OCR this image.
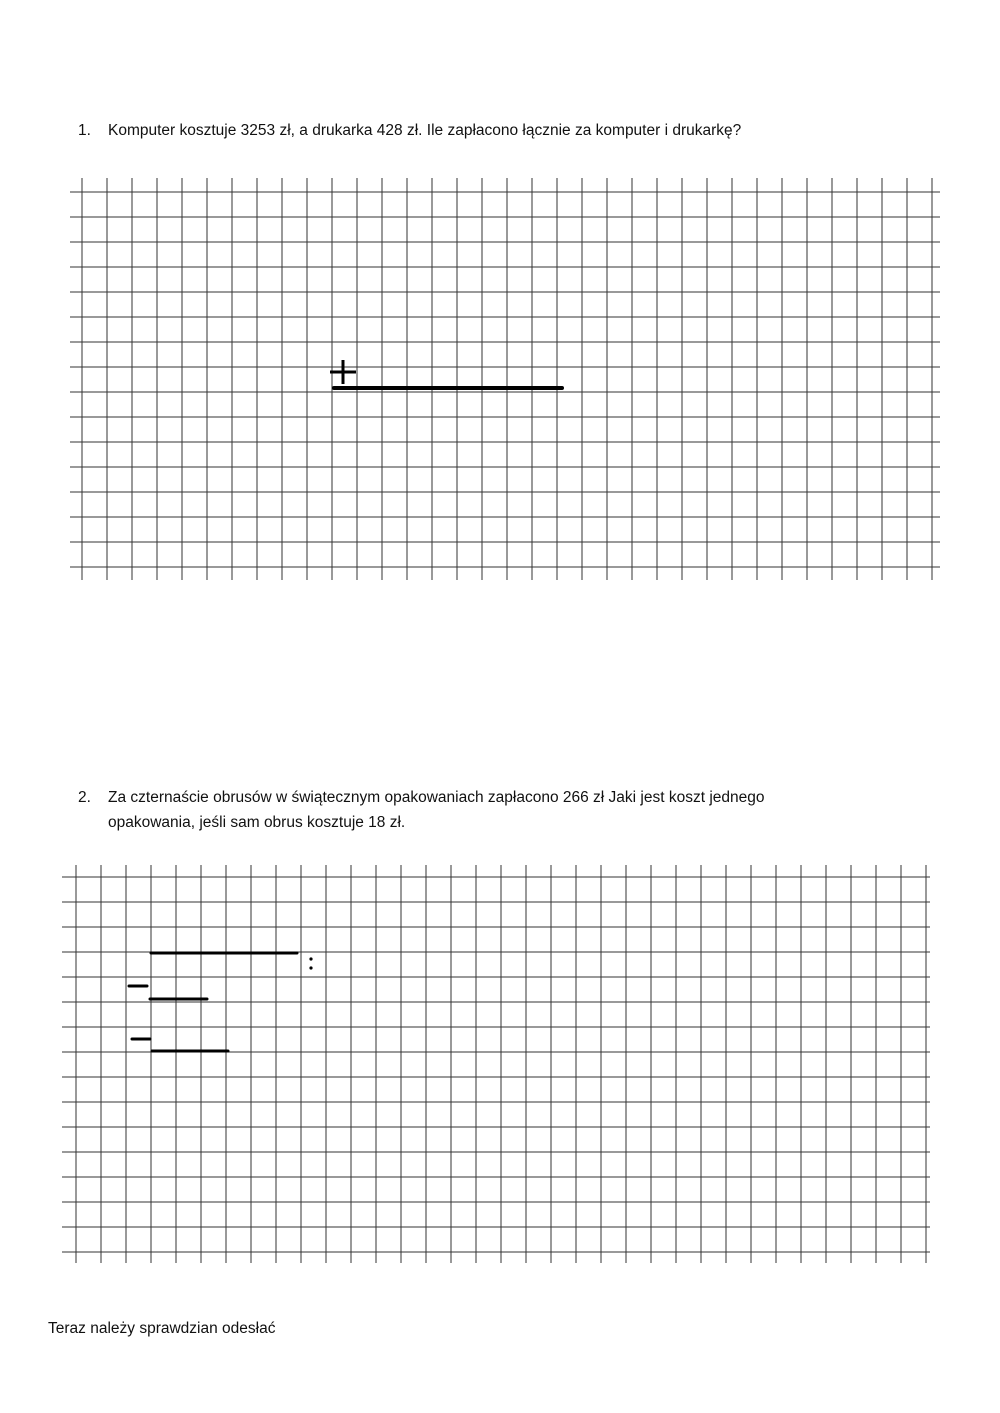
1. Komputer kosztuje 3253 zł, a drukarka 428 zł. Ile zapłacono łącznie za komputer i drukarkę?
2. Za czternaście obrusów w świątecznym opakowaniach zapłacono 266 zł Jaki jest koszt jednego
opakowania, jeśli sam obrus kosztuje 18 zł.
Teraz należy sprawdzian odesłać
